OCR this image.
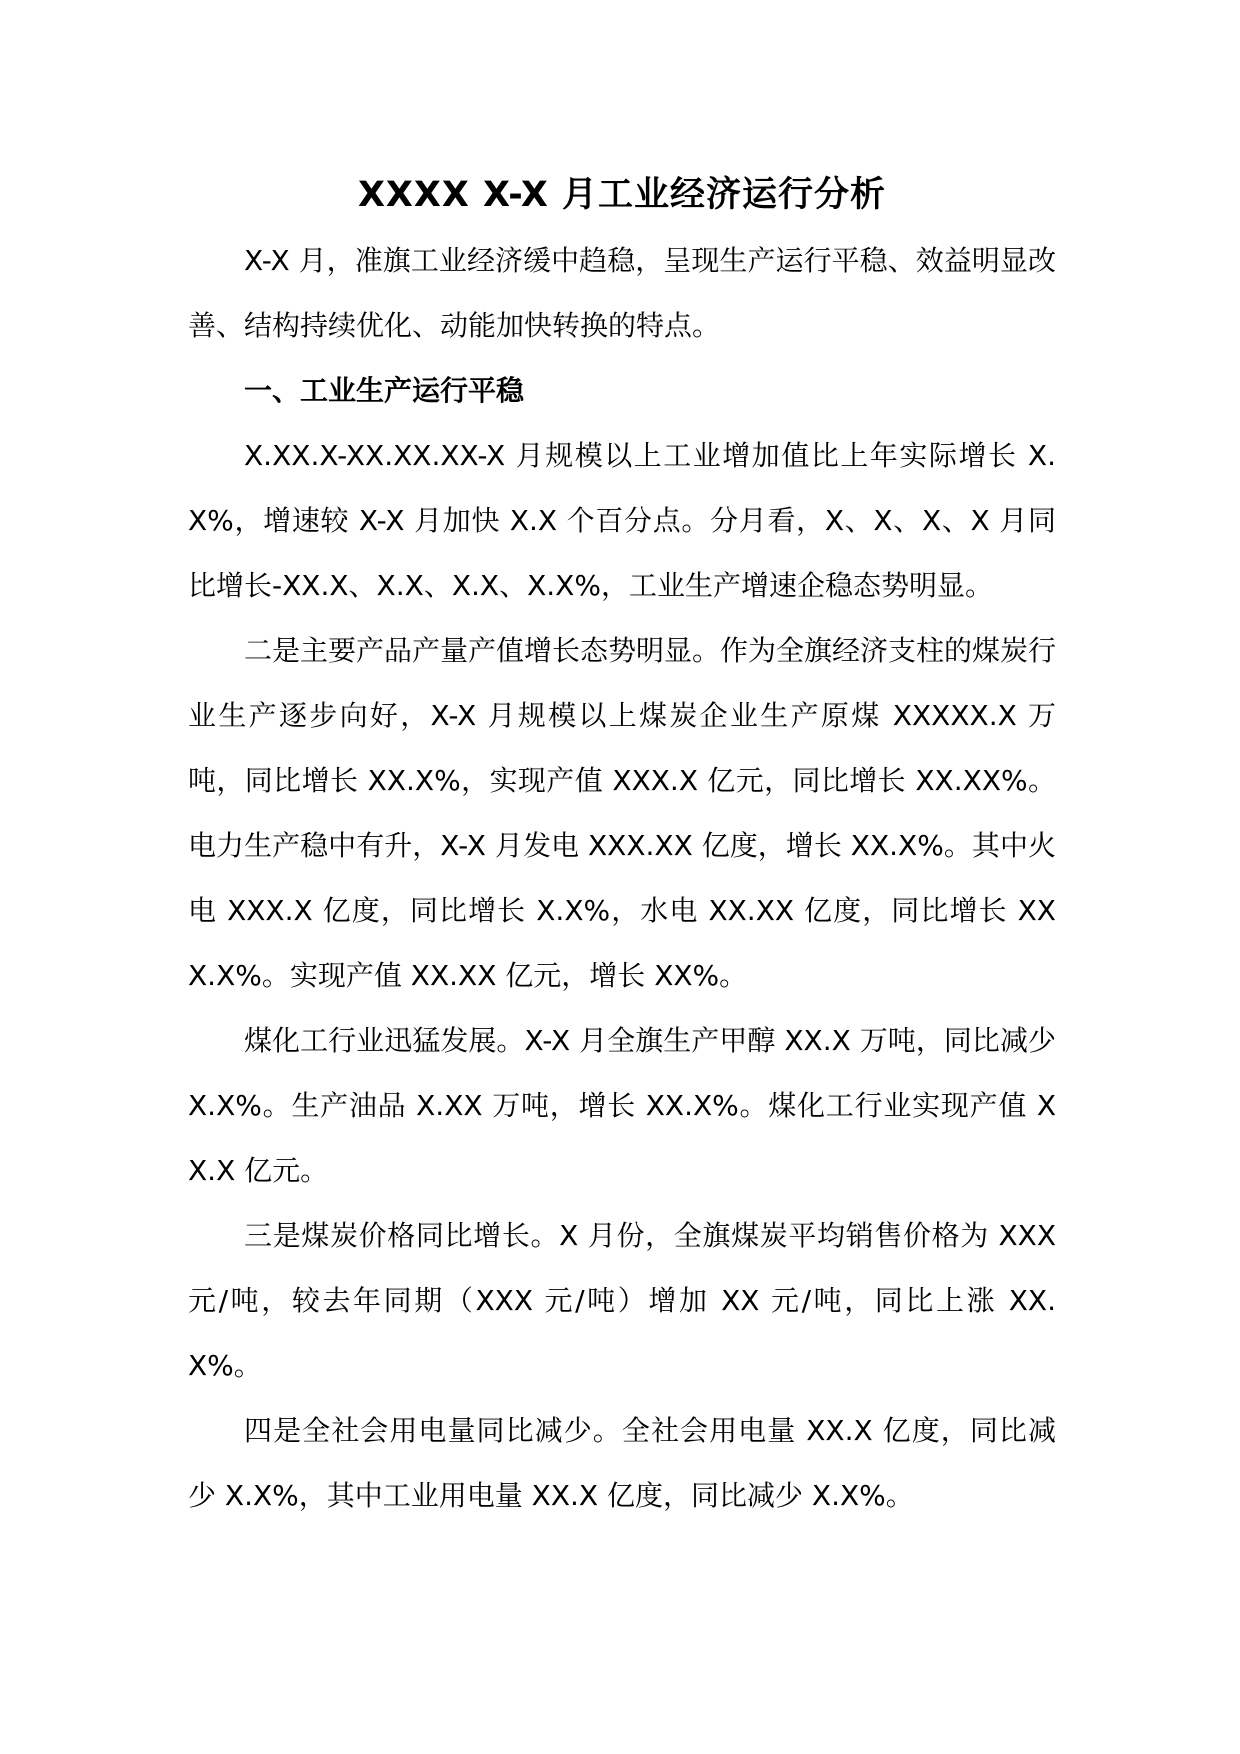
XXXX X-X 月工业经济运行分析

X-X 月，准旗工业经济缓中趋稳，呈现生产运行平稳、效益明显改善、结构持续优化、动能加快转换的特点。

一、工业生产运行平稳

X.XX.X-XX.XX.XX-X 月规模以上工业增加值比上年实际增长 X.X%，增速较 X-X 月加快 X.X 个百分点。分月看，X、X、X、X 月同比增长-XX.X、X.X、X.X、X.X%，工业生产增速企稳态势明显。

二是主要产品产量产值增长态势明显。作为全旗经济支柱的煤炭行业生产逐步向好，X-X 月规模以上煤炭企业生产原煤 XXXXX.X 万吨，同比增长 XX.X%，实现产值 XXX.X 亿元，同比增长 XX.XX%。电力生产稳中有升，X-X 月发电 XXX.XX 亿度，增长 XX.X%。其中火电 XXX.X 亿度，同比增长 X.X%，水电 XX.XX 亿度，同比增长 XXX.X%。实现产值 XX.XX 亿元，增长 XX%。

煤化工行业迅猛发展。X-X 月全旗生产甲醇 XX.X 万吨，同比减少 X.X%。生产油品 X.XX 万吨，增长 XX.X%。煤化工行业实现产值 XX.X 亿元。

三是煤炭价格同比增长。X 月份，全旗煤炭平均销售价格为 XXX 元/吨，较去年同期（XXX 元/吨）增加 XX 元/吨，同比上涨 XX.X%。

四是全社会用电量同比减少。全社会用电量 XX.X 亿度，同比减少 X.X%，其中工业用电量 XX.X 亿度，同比减少 X.X%。
